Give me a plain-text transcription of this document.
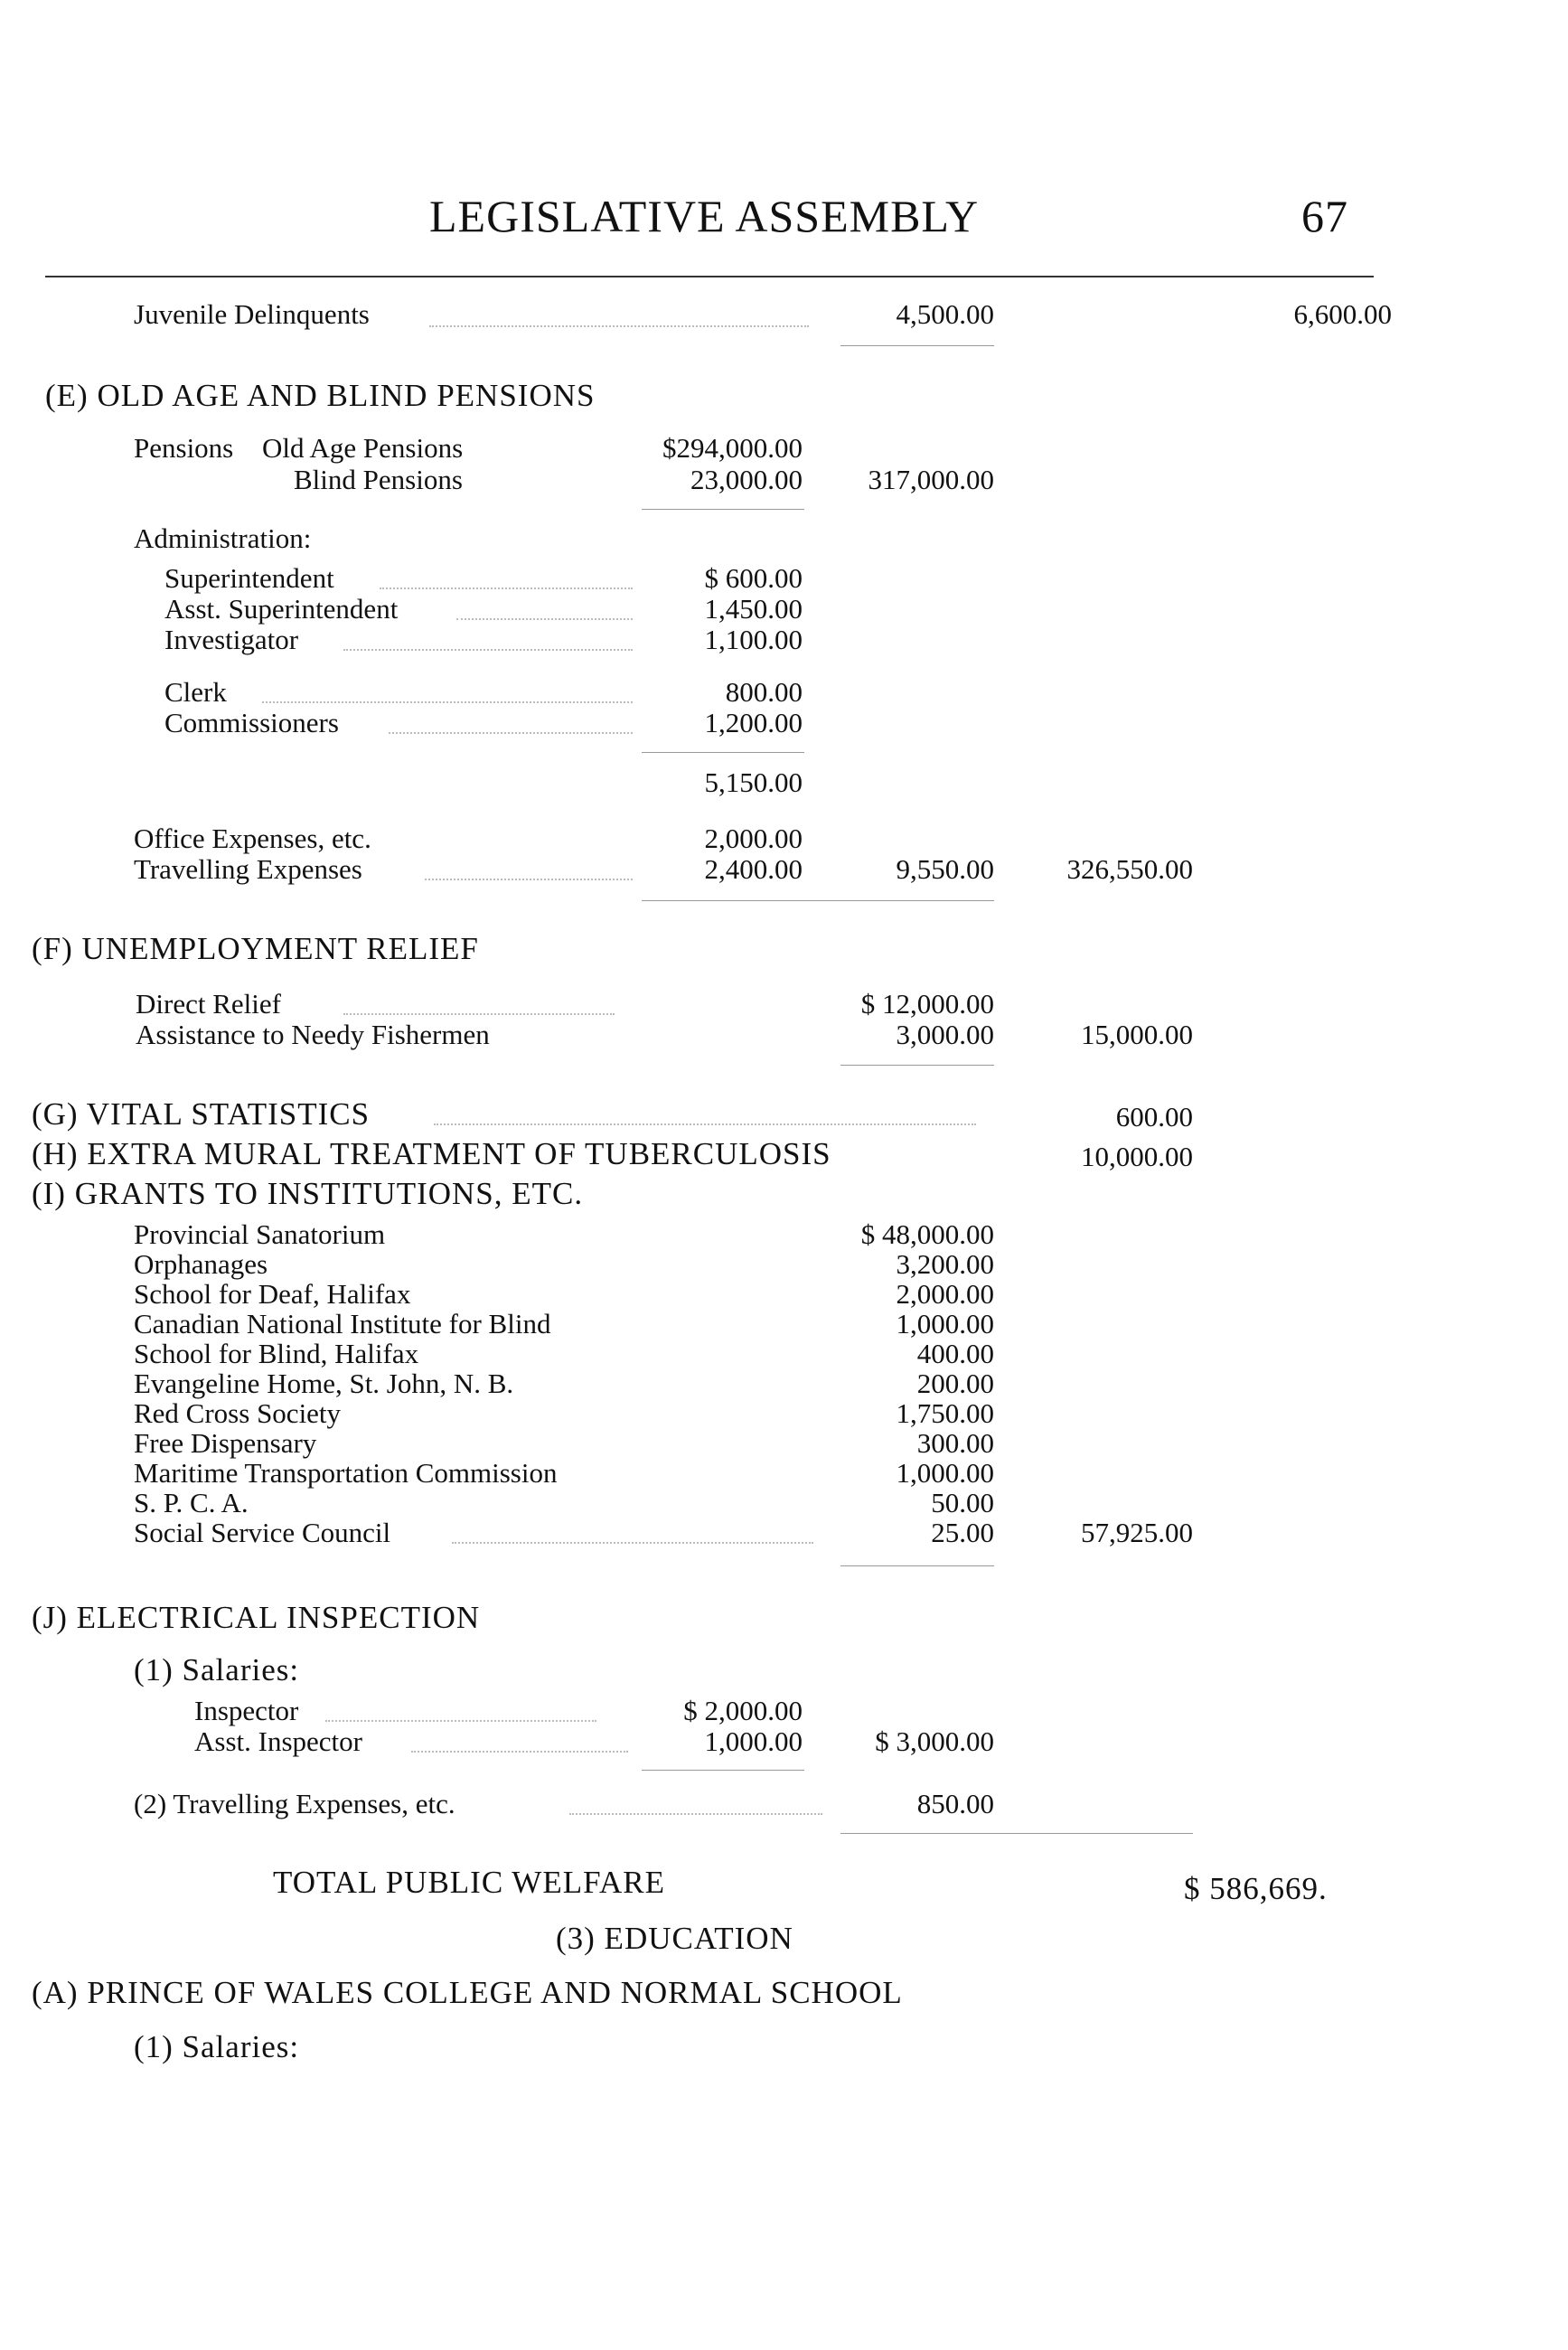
LEGISLATIVE ASSEMBLY	67
Juvenile Delinquents	4,500.00	6,600.00
(E) OLD AGE AND BLIND PENSIONS
Pensions Old Age Pensions	$294,000.00
Blind Pensions	23,000.00	317,000.00
Administration:
Superintendent	$ 600.00
Asst. Superintendent	1,450.00
Investigator	1,100.00
Clerk	800.00
Commissioners	1,200.00
5,150.00
Office Expenses, etc.	2,000.00
Travelling Expenses	2,400.00	9,550.00	326,550.00
(F) UNEMPLOYMENT RELIEF
Direct Relief	$ 12,000.00
Assistance to Needy Fishermen	3,000.00	15,000.00
(G) VITAL STATISTICS	600.00
(H) EXTRA MURAL TREATMENT OF TUBERCULOSIS	10,000.00
(I) GRANTS TO INSTITUTIONS, ETC.
Provincial Sanatorium	$ 48,000.00
Orphanages	3,200.00
School for Deaf, Halifax	2,000.00
Canadian National Institute for Blind	1,000.00
School for Blind, Halifax	400.00
Evangeline Home, St. John, N. B.	200.00
Red Cross Society	1,750.00
Free Dispensary	300.00
Maritime Transportation Commission	1,000.00
S. P. C. A.	50.00
Social Service Council	25.00	57,925.00
(J) ELECTRICAL INSPECTION
(1) Salaries:
Inspector	$ 2,000.00
Asst. Inspector	1,000.00	$ 3,000.00
(2) Travelling Expenses, etc.	850.00
TOTAL PUBLIC WELFARE	$ 586,669.
(3) EDUCATION
(A) PRINCE OF WALES COLLEGE AND NORMAL SCHOOL
(1) Salaries:
